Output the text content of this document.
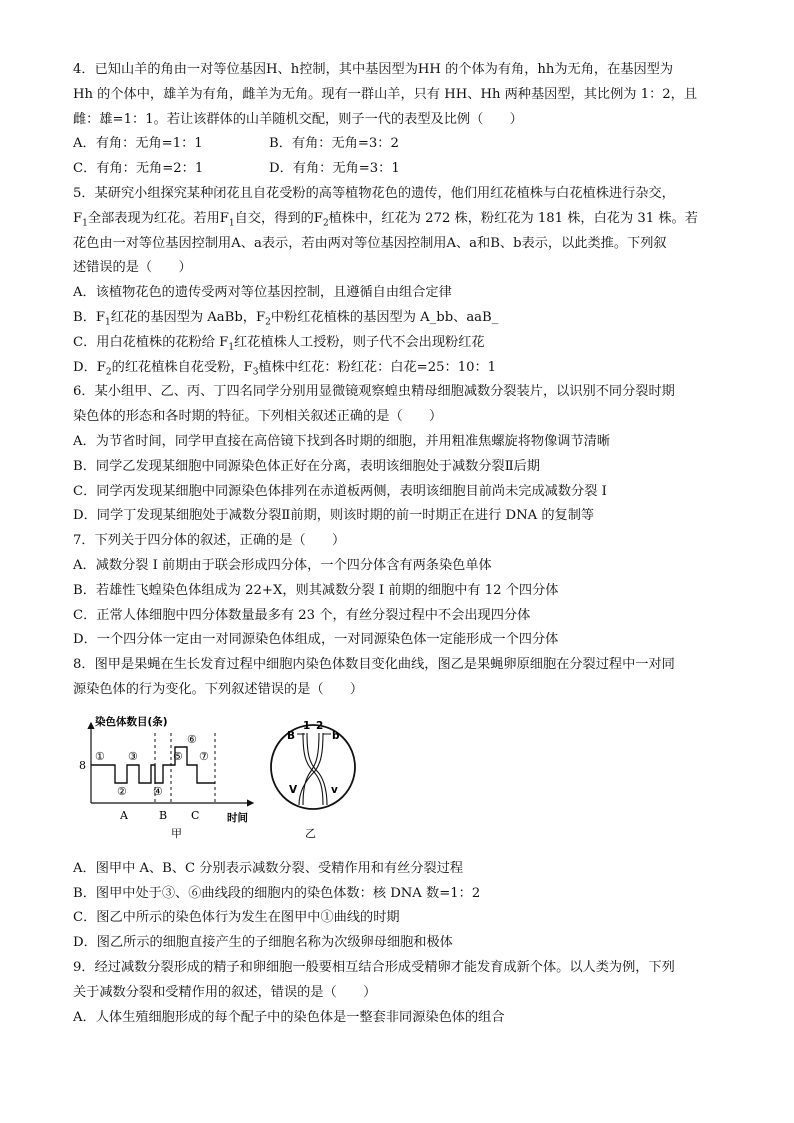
4．已知山羊的角由一对等位基因H、h控制，其中基因型为HH 的个体为有角，hh为无角，在基因型为

Hh 的个体中，雄羊为有角，雌羊为无角。现有一群山羊，只有 HH、Hh 两种基因型，其比例为 1：2，且

雌：雄=1：1。若让该群体的山羊随机交配，则子一代的表型及比例（　　）

A．有角：无角=1：1	B．有角：无角=3：2
C．有角：无角=2：1	D．有角：无角=3：1

5．某研究小组探究某种闭花且自花受粉的高等植物花色的遗传，他们用红花植株与白花植株进行杂交，

$F_1$全部表现为红花。若用$F_1$自交，得到的$F_2$植株中，红花为 272 株，粉红花为 181 株，白花为 31 株。若

花色由一对等位基因控制用A、a表示，若由两对等位基因控制用A、a和B、b表示，以此类推。下列叙

述错误的是（　　）

A．该植物花色的遗传受两对等位基因控制，且遵循自由组合定律

B．$F_1$红花的基因型为 AaBb，$F_2$中粉红花植株的基因型为 A_bb、aaB_

C．用白花植株的花粉给 $F_1$红花植株人工授粉，则子代不会出现粉红花

D．$F_2$的红花植株自花受粉，$F_3$植株中红花：粉红花：白花=25：10：1

6．某小组甲、乙、丙、丁四名同学分别用显微镜观察蝗虫精母细胞减数分裂装片，以识别不同分裂时期

染色体的形态和各时期的特征。下列相关叙述正确的是（　　）

A．为节省时间，同学甲直接在高倍镜下找到各时期的细胞，并用粗准焦螺旋将物像调节清晰

B．同学乙发现某细胞中同源染色体正好在分离，表明该细胞处于减数分裂Ⅱ后期

C．同学丙发现某细胞中同源染色体排列在赤道板两侧，表明该细胞目前尚未完成减数分裂 I

D．同学丁发现某细胞处于减数分裂Ⅱ前期，则该时期的前一时期正在进行 DNA 的复制等

7．下列关于四分体的叙述，正确的是（　　）

A．减数分裂 I 前期由于联会形成四分体，一个四分体含有两条染色单体

B．若雄性飞蝗染色体组成为 22+X，则其减数分裂 I 前期的细胞中有 12 个四分体

C．正常人体细胞中四分体数量最多有 23 个，有丝分裂过程中不会出现四分体

D．一个四分体一定由一对同源染色体组成，一对同源染色体一定能形成一个四分体

8．图甲是果蝇在生长发育过程中细胞内染色体数目变化曲线，图乙是果蝇卵原细胞在分裂过程中一对同

源染色体的行为变化。下列叙述错误的是（　　）

染色体数目(条)
8
①
②
③
④
⑤
⑥
⑦
A	B C	时间
甲
1 2
B	b
V	v
乙

A．图甲中 A、B、C 分别表示减数分裂、受精作用和有丝分裂过程

B．图甲中处于③、⑥曲线段的细胞内的染色体数：核 DNA 数=1：2

C．图乙中所示的染色体行为发生在图甲中①曲线的时期

D．图乙所示的细胞直接产生的子细胞名称为次级卵母细胞和极体

9．经过减数分裂形成的精子和卵细胞一般要相互结合形成受精卵才能发育成新个体。以人类为例，下列

关于减数分裂和受精作用的叙述，错误的是（　　）

A．人体生殖细胞形成的每个配子中的染色体是一整套非同源染色体的组合
